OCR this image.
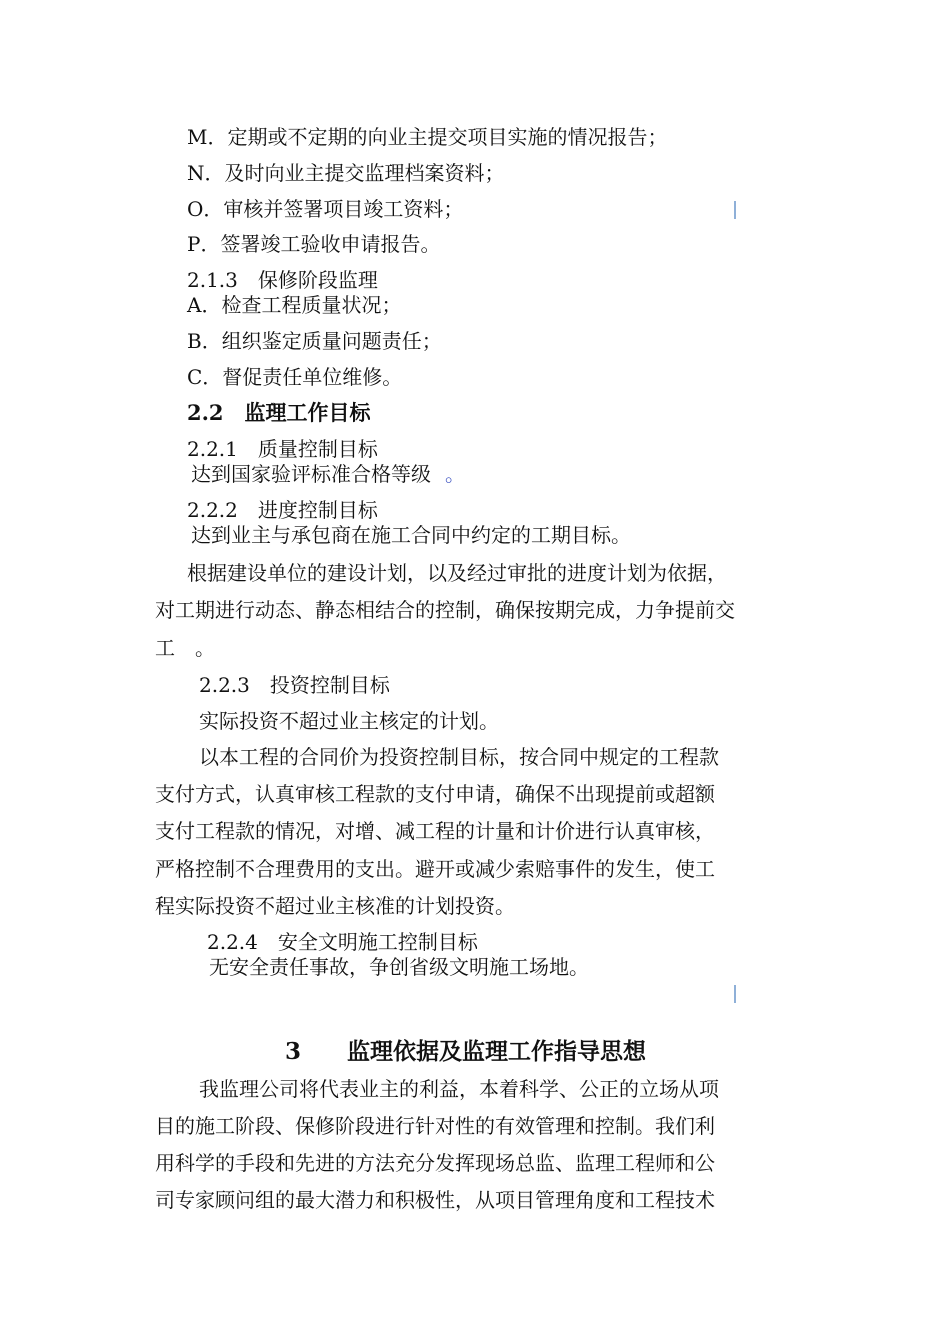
M．定期或不定期的向业主提交项目实施的情况报告；
N．及时向业主提交监理档案资料；
O．审核并签署项目竣工资料；
P．签署竣工验收申请报告。
2.1.3　保修阶段监理
A．检查工程质量状况；
B．组织鉴定质量问题责任；
C．督促责任单位维修。
2.2　监理工作目标
2.2.1　质量控制目标
达到国家验评标准合格等级 。
2.2.2　进度控制目标
达到业主与承包商在施工合同中约定的工期目标。
根据建设单位的建设计划，以及经过审批的进度计划为依据，
对工期进行动态、静态相结合的控制，确保按期完成，力争提前交
工　。
2.2.3　投资控制目标
实际投资不超过业主核定的计划。
以本工程的合同价为投资控制目标，按合同中规定的工程款
支付方式，认真审核工程款的支付申请，确保不出现提前或超额
支付工程款的情况，对增、减工程的计量和计价进行认真审核，
严格控制不合理费用的支出。避开或减少索赔事件的发生，使工
程实际投资不超过业主核准的计划投资。
2.2.4　安全文明施工控制目标
无安全责任事故，争创省级文明施工场地。
3　　监理依据及监理工作指导思想
我监理公司将代表业主的利益，本着科学、公正的立场从项
目的施工阶段、保修阶段进行针对性的有效管理和控制。我们利
用科学的手段和先进的方法充分发挥现场总监、监理工程师和公
司专家顾问组的最大潜力和积极性，从项目管理角度和工程技术
